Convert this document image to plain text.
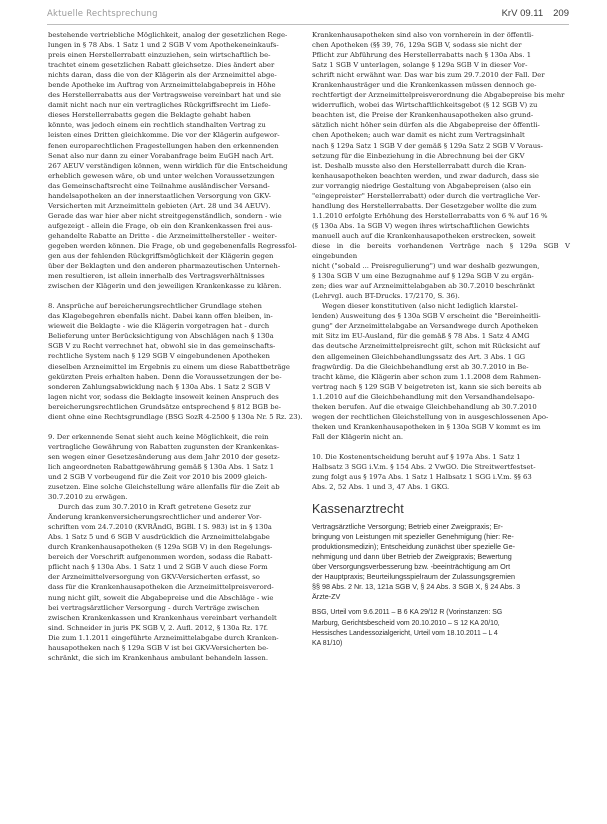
Aktuelle Rechtsprechung	KrV 09.11 209

bestehende vertriebliche Möglichkeit, analog der gesetzlichen Rege-
lungen in § 78 Abs. 1 Satz 1 und 2 SGB V vom Apothekeneinkaufs-
preis einen Herstellerrabatt einzuziehen, sein wirtschaftlich be-
trachtet einem gesetzlichen Rabatt gleichsetze. Dies ändert aber
nichts daran, dass die von der Klägerin als der Arzneimittel abge-
bende Apotheke im Auftrag von Arzneimittelabgabepreis in Höhe
des Herstellerrabatts aus der Vertragsweise vereinbart hat und sie
damit nicht nach nur ein vertragliches Rückgriffsrecht im Liefe-
dieses Herstellerrabatts gegen die Beklagte gehabt haben
könnte, was jedoch einem ein rechtlich standhalten Vertrag zu
leisten eines Dritten gleichkomme. Die vor der Klägerin aufgewor-
fenen europarechtlichen Fragestellungen haben den erkennenden
Senat also nur dann zu einer Vorabanfrage beim EuGH nach Art.
267 AEUV verständigen können, wenn wirklich für die Entscheidung
erheblich gewesen wäre, ob und unter welchen Voraussetzungen
das Gemeinschaftsrecht eine Teilnahme ausländischer Versand-
handelsapotheken an der innerstaatlichen Versorgung von GKV-
Versicherten mit Arzneimitteln gebieten (Art. 28 und 34 AEUV).
Gerade das war hier aber nicht streitgegenständlich, sondern - wie
aufgezeigt - allein die Frage, ob ein den Krankenkassen frei aus-
gehandelte Rabatte an Dritte - die Arzneimittelhersteller - weiter-
gegeben werden können. Die Frage, ob und gegebenenfalls Regressfol-
gen aus der fehlenden Rückgriffsmöglichkeit der Klägerin gegen
über der Beklagten und den anderen pharmazeutischen Unterneh-
men resultieren, ist allein innerhalb des Vertragsverhältnisses
zwischen der Klägerin und den jeweiligen Krankenkasse zu klären.

8. Ansprüche auf bereicherungsrechtlicher Grundlage stehen
das Klagebegehren ebenfalls nicht. Dabei kann offen bleiben, in-
wieweit die Beklagte - wie die Klägerin vorgetragen hat - durch
Belieferung unter Berücksichtigung von Abschlägen nach § 130a
SGB V zu Recht verrechnet hat, obwohl sie in das gemeinschafts-
rechtliche System nach § 129 SGB V eingebundenen Apotheken
dieselben Arzneimittel im Ergebnis zu einem um diese Rabattbeträge
gekürzten Preis erhalten haben. Denn die Voraussetzungen der be-
sonderen Zahlungsabwicklung nach § 130a Abs. 1 Satz 2 SGB V
lagen nicht vor, sodass die Beklagte insoweit keinen Anspruch des
bereicherungsrechtlichen Grundsätze entsprechend § 812 BGB be-
dient ohne eine Rechtsgrundlage (BSG SozR 4-2500 § 130a Nr. 5 Rz. 23).

9. Der erkennende Senat sieht auch keine Möglichkeit, die rein
vertragliche Gewährung von Rabatten zugunsten der Krankenkas-
sen wegen einer Gesetzesänderung aus dem Jahr 2010 der gesetz-
lich angeordneten Rabattgewährung gemäß § 130a Abs. 1 Satz 1
und 2 SGB V vorbeugend für die Zeit vor 2010 bis 2009 gleich-
zusetzen. Eine solche Gleichstellung wäre allenfalls für die Zeit ab
30.7.2010 zu erwägen.

Durch das zum 30.7.2010 in Kraft getretene Gesetz zur
Änderung krankenversicherungsrechtlicher und anderer Vor-
schriften vom 24.7.2010 (KVRÄndG, BGBl. I S. 983) ist in § 130a
Abs. 1 Satz 5 und 6 SGB V ausdrücklich die Arzneimittelabgabe
durch Krankenhausapotheken (§ 129a SGB V) in den Regelungs-
bereich der Vorschrift aufgenommen worden, sodass die Rabatt-
pflicht nach § 130a Abs. 1 Satz 1 und 2 SGB V auch diese Form
der Arzneimittelversorgung von GKV-Versicherten erfasst, so
dass für die Krankenhausapotheken die Arzneimittelpreisverord-
nung nicht gilt, soweit die Abgabepreise und die Abschläge - wie
bei vertragsärztlicher Versorgung - durch Verträge zwischen
zwischen Krankenkassen und Krankenhaus vereinbart verhandelt
sind. Schneider in juris PK SGB V, 2. Aufl. 2012, § 130a Rz. 17f.
Die zum 1.1.2011 eingeführte Arzneimittelabgabe durch Kranken-
hausapotheken nach § 129a SGB V ist bei GKV-Versicherten be-
schränkt, die sich im Krankenhaus ambulant behandeln lassen.

Krankenhausapotheken sind also von vornherein in der öffentli-
chen Apotheken (§§ 39, 76, 129a SGB V, sodass sie nicht der
Pflicht zur Abführung des Herstellerrabatts nach § 130a Abs. 1
Satz 1 SGB V unterlagen, solange § 129a SGB V in dieser Vor-
schrift nicht erwähnt war. Das war bis zum 29.7.2010 der Fall. Der
Krankenhausträger und die Krankenkassen müssen dennoch ge-
rechtfertigt der Arzneimittelpreisverordnung die Abgabepreise bis mehr
widerruflich, wobei das Wirtschaftlichkeitsgebot (§ 12 SGB V) zu
beachten ist, die Preise der Krankenhausapotheken also grund-
sätzlich nicht höher sein dürfen als die Abgabepreise der öffentli-
chen Apotheken; auch war damit es nicht zum Vertragsinhalt
nach § 129a Satz 1 SGB V der gemäß § 129a Satz 2 SGB V Voraus-
setzung für die Einbeziehung in die Abrechnung bei der GKV
ist. Deshalb musste also den Herstellerrabatt durch die Kran-
kenhausapotheken beachten werden, und zwar dadurch, dass sie
zur vorrangig niedrige Gestaltung von Abgabepreisen (also ein
"eingepreister" Herstellerrabatt) oder durch die vertragliche Ver-
handlung des Herstellerrabatts. Der Gesetzgeber wollte die zum
1.1.2010 erfolgte Erhöhung des Herstellerrabatts von 6 % auf 16 %
(§ 130a Abs. 1a SGB V) wegen ihres wirtschaftlichen Gewichts
manuell auch auf die Krankenhausapotheken erstrecken, soweit
diese in die bereits vorhandenen Verträge nach § 129a SGB V eingebunden
nicht ("sobald ... Preisregulierung") und war deshalb gezwungen,
§ 130a SGB V um eine Bezugnahme auf § 129a SGB V zu ergän-
zen; dies war auf Arzneimittelabgaben ab 30.7.2010 beschränkt
(Lehrvgl. auch BT-Drucks. 17/2170, S. 36).

Wegen dieser konstitutiven (also nicht lediglich klarstel-
lenden) Ausweitung des § 130a SGB V erscheint die "Bereinheitli-
gung" der Arzneimittelabgabe an Versandwege durch Apotheken
mit Sitz im EU-Ausland, für die gemäß § 78 Abs. 1 Satz 4 AMG
das deutsche Arzneimittelpreisrecht gilt, schon mit Rücksicht auf
den allgemeinen Gleichbehandlungssatz des Art. 3 Abs. 1 GG
fragwürdig. Da die Gleichbehandlung erst ab 30.7.2010 in Be-
tracht käme, die Klägerin aber schon zum 1.1.2008 dem Rahmen-
vertrag nach § 129 SGB V beigetreten ist, kann sie sich bereits ab
1.1.2010 auf die Gleichbehandlung mit den Versandhandelsapo-
theken berufen. Auf die etwaige Gleichbehandlung ab 30.7.2010
wegen der rechtlichen Gleichstellung von in ausgeschlossenen Apo-
theken und Krankenhausapotheken in § 130a SGB V kommt es im
Fall der Klägerin nicht an.

10. Die Kostenentscheidung beruht auf § 197a Abs. 1 Satz 1
Halbsatz 3 SGG i.V.m. § 154 Abs. 2 VwGO. Die Streitwertfestset-
zung folgt aus § 197a Abs. 1 Satz 1 Halbsatz 1 SGG i.V.m. §§ 63
Abs. 2, 52 Abs. 1 und 3, 47 Abs. 1 GKG.

Kassenarztrecht

Vertragsärztliche Versorgung; Betrieb einer Zweigpraxis; Er-
bringung von Leistungen mit spezieller Genehmigung (hier: Re-
produktionsmedizin); Entscheidung zunächst über spezielle Ge-
nehmigung und dann über Betrieb der Zweigpraxis; Bewertung
über Versorgungsverbesserung bzw. -beeinträchtigung am Ort
der Hauptpraxis; Beurteilungsspielraum der Zulassungsgremien
§§ 98 Abs. 2 Nr. 13, 121a SGB V, § 24 Abs. 3 SGB X, § 24 Abs. 3
Ärzte-ZV

BSG, Urteil vom 9.6.2011 – B 6 KA 29/12 R (Vorinstanzen: SG
Marburg, Gerichtsbescheid vom 20.10.2010 – S 12 KA 20/10,
Hessisches Landessozialgericht, Urteil vom 18.10.2011 – L 4
KA 81/10)
